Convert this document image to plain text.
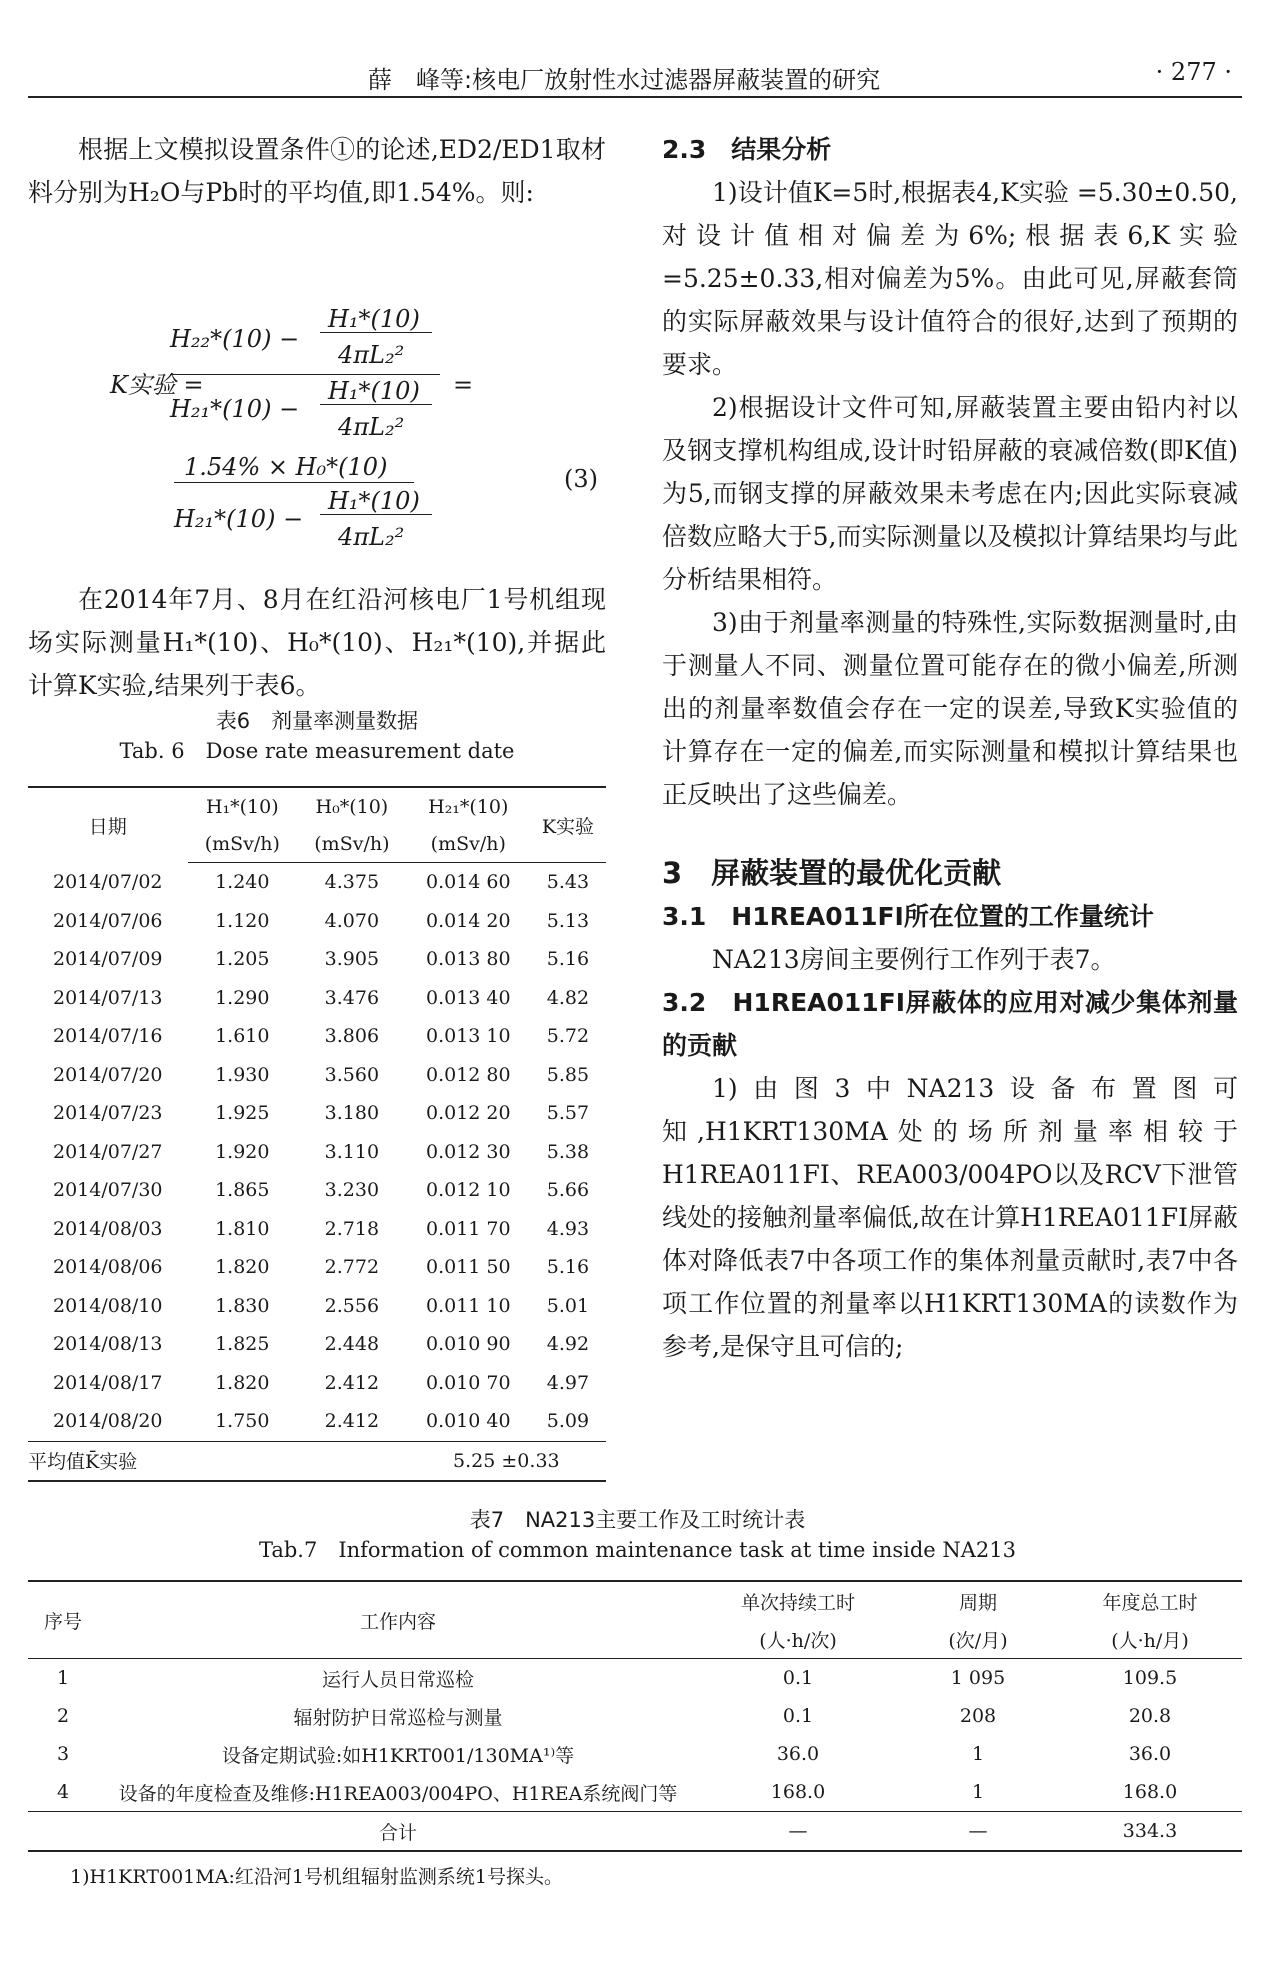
薛　峰等:核电厂放射性水过滤器屏蔽装置的研究	· 277 ·

根据上文模拟设置条件①的论述,ED2/ED1取材料分别为H₂O与Pb时的平均值,即1.54%。则:

K实验 =
H₂₂*(10) −
H₁*(10)
4πL₂²
H₂₁*(10) −
H₁*(10)
4πL₂²
=
1.54% × H₀*(10)
H₂₁*(10) −
H₁*(10)
4πL₂²
(3)

在2014年7月、8月在红沿河核电厂1号机组现场实际测量H₁*(10)、H₀*(10)、H₂₁*(10),并据此计算K实验,结果列于表6。

表6　剂量率测量数据
Tab. 6　Dose rate measurement date
日期	H₁*(10)	H₀*(10)	H₂₁*(10)	K实验
	(mSv/h)	(mSv/h)	(mSv/h)	
2014/07/02	1.240	4.375	0.014 60	5.43
2014/07/06	1.120	4.070	0.014 20	5.13
2014/07/09	1.205	3.905	0.013 80	5.16
2014/07/13	1.290	3.476	0.013 40	4.82
2014/07/16	1.610	3.806	0.013 10	5.72
2014/07/20	1.930	3.560	0.012 80	5.85
2014/07/23	1.925	3.180	0.012 20	5.57
2014/07/27	1.920	3.110	0.012 30	5.38
2014/07/30	1.865	3.230	0.012 10	5.66
2014/08/03	1.810	2.718	0.011 70	4.93
2014/08/06	1.820	2.772	0.011 50	5.16
2014/08/10	1.830	2.556	0.011 10	5.01
2014/08/13	1.825	2.448	0.010 90	4.92
2014/08/17	1.820	2.412	0.010 70	4.97
2014/08/20	1.750	2.412	0.010 40	5.09
平均值K̄实验			5.25 ±0.33	

2.3　结果分析

1)设计值K=5时,根据表4,K实验 =5.30±0.50,对设计值相对偏差为6%;根据表6,K实验 =5.25±0.33,相对偏差为5%。由此可见,屏蔽套筒的实际屏蔽效果与设计值符合的很好,达到了预期的要求。

2)根据设计文件可知,屏蔽装置主要由铅内衬以及钢支撑机构组成,设计时铅屏蔽的衰减倍数(即K值)为5,而钢支撑的屏蔽效果未考虑在内;因此实际衰减倍数应略大于5,而实际测量以及模拟计算结果均与此分析结果相符。

3)由于剂量率测量的特殊性,实际数据测量时,由于测量人不同、测量位置可能存在的微小偏差,所测出的剂量率数值会存在一定的误差,导致K实验值的计算存在一定的偏差,而实际测量和模拟计算结果也正反映出了这些偏差。

3　屏蔽装置的最优化贡献

3.1　H1REA011FI所在位置的工作量统计

NA213房间主要例行工作列于表7。

3.2　H1REA011FI屏蔽体的应用对减少集体剂量的贡献

1)由图3中NA213设备布置图可知,H1KRT130MA处的场所剂量率相较于H1REA011FI、REA003/004PO以及RCV下泄管线处的接触剂量率偏低,故在计算H1REA011FI屏蔽体对降低表7中各项工作的集体剂量贡献时,表7中各项工作位置的剂量率以H1KRT130MA的读数作为参考,是保守且可信的;

表7　NA213主要工作及工时统计表
Tab.7　Information of common maintenance task at time inside NA213
序号	工作内容	单次持续工时	周期	年度总工时
		(人·h/次)	(次/月)	(人·h/月)
1	运行人员日常巡检	0.1	1 095	109.5
2	辐射防护日常巡检与测量	0.1	208	20.8
3	设备定期试验:如H1KRT001/130MA¹⁾等	36.0	1	36.0
4	设备的年度检查及维修:H1REA003/004PO、H1REA系统阀门等	168.0	1	168.0
	合计	—	—	334.3
1)H1KRT001MA:红沿河1号机组辐射监测系统1号探头。
